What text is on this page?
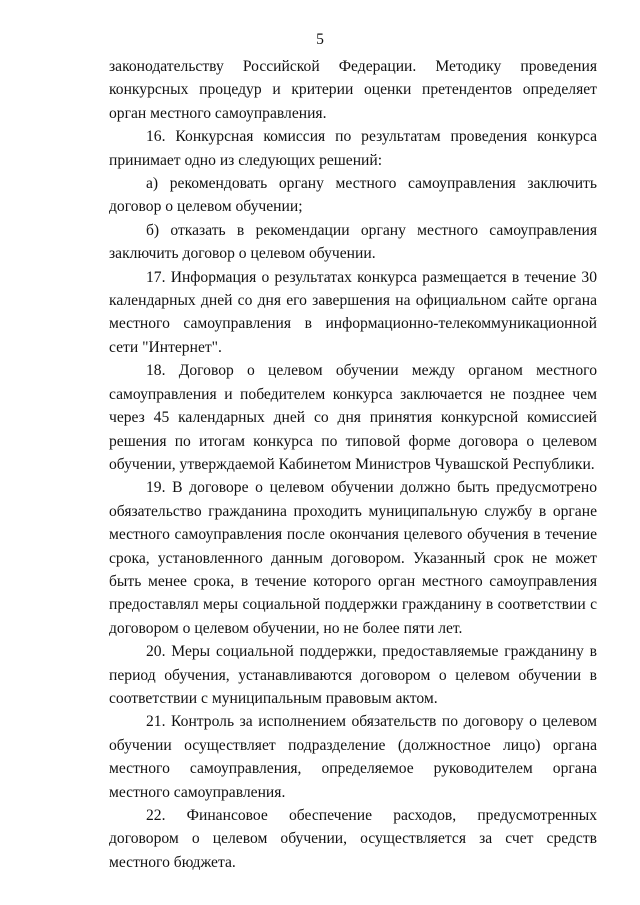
5

законодательству Российской Федерации. Методику проведения конкурсных процедур и критерии оценки претендентов определяет орган местного самоуправления.

16. Конкурсная комиссия по результатам проведения конкурса принимает одно из следующих решений:

а) рекомендовать органу местного самоуправления заключить договор о целевом обучении;

б) отказать в рекомендации органу местного самоуправления заключить договор о целевом обучении.

17. Информация о результатах конкурса размещается в течение 30 календарных дней со дня его завершения на официальном сайте органа местного самоуправления в информационно-телекоммуникационной сети "Интернет".

18. Договор о целевом обучении между органом местного самоуправления и победителем конкурса заключается не позднее чем через 45 календарных дней со дня принятия конкурсной комиссией решения по итогам конкурса по типовой форме договора о целевом обучении, утверждаемой Кабинетом Министров Чувашской Республики.

19. В договоре о целевом обучении должно быть предусмотрено обязательство гражданина проходить муниципальную службу в органе местного самоуправления после окончания целевого обучения в течение срока, установленного данным договором. Указанный срок не может быть менее срока, в течение которого орган местного самоуправления предоставлял меры социальной поддержки гражданину в соответствии с договором о целевом обучении, но не более пяти лет.

20. Меры социальной поддержки, предоставляемые гражданину в период обучения, устанавливаются договором о целевом обучении в соответствии с муниципальным правовым актом.

21. Контроль за исполнением обязательств по договору о целевом обучении осуществляет подразделение (должностное лицо) органа местного самоуправления, определяемое руководителем органа местного самоуправления.

22. Финансовое обеспечение расходов, предусмотренных договором о целевом обучении, осуществляется за счет средств местного бюджета.
